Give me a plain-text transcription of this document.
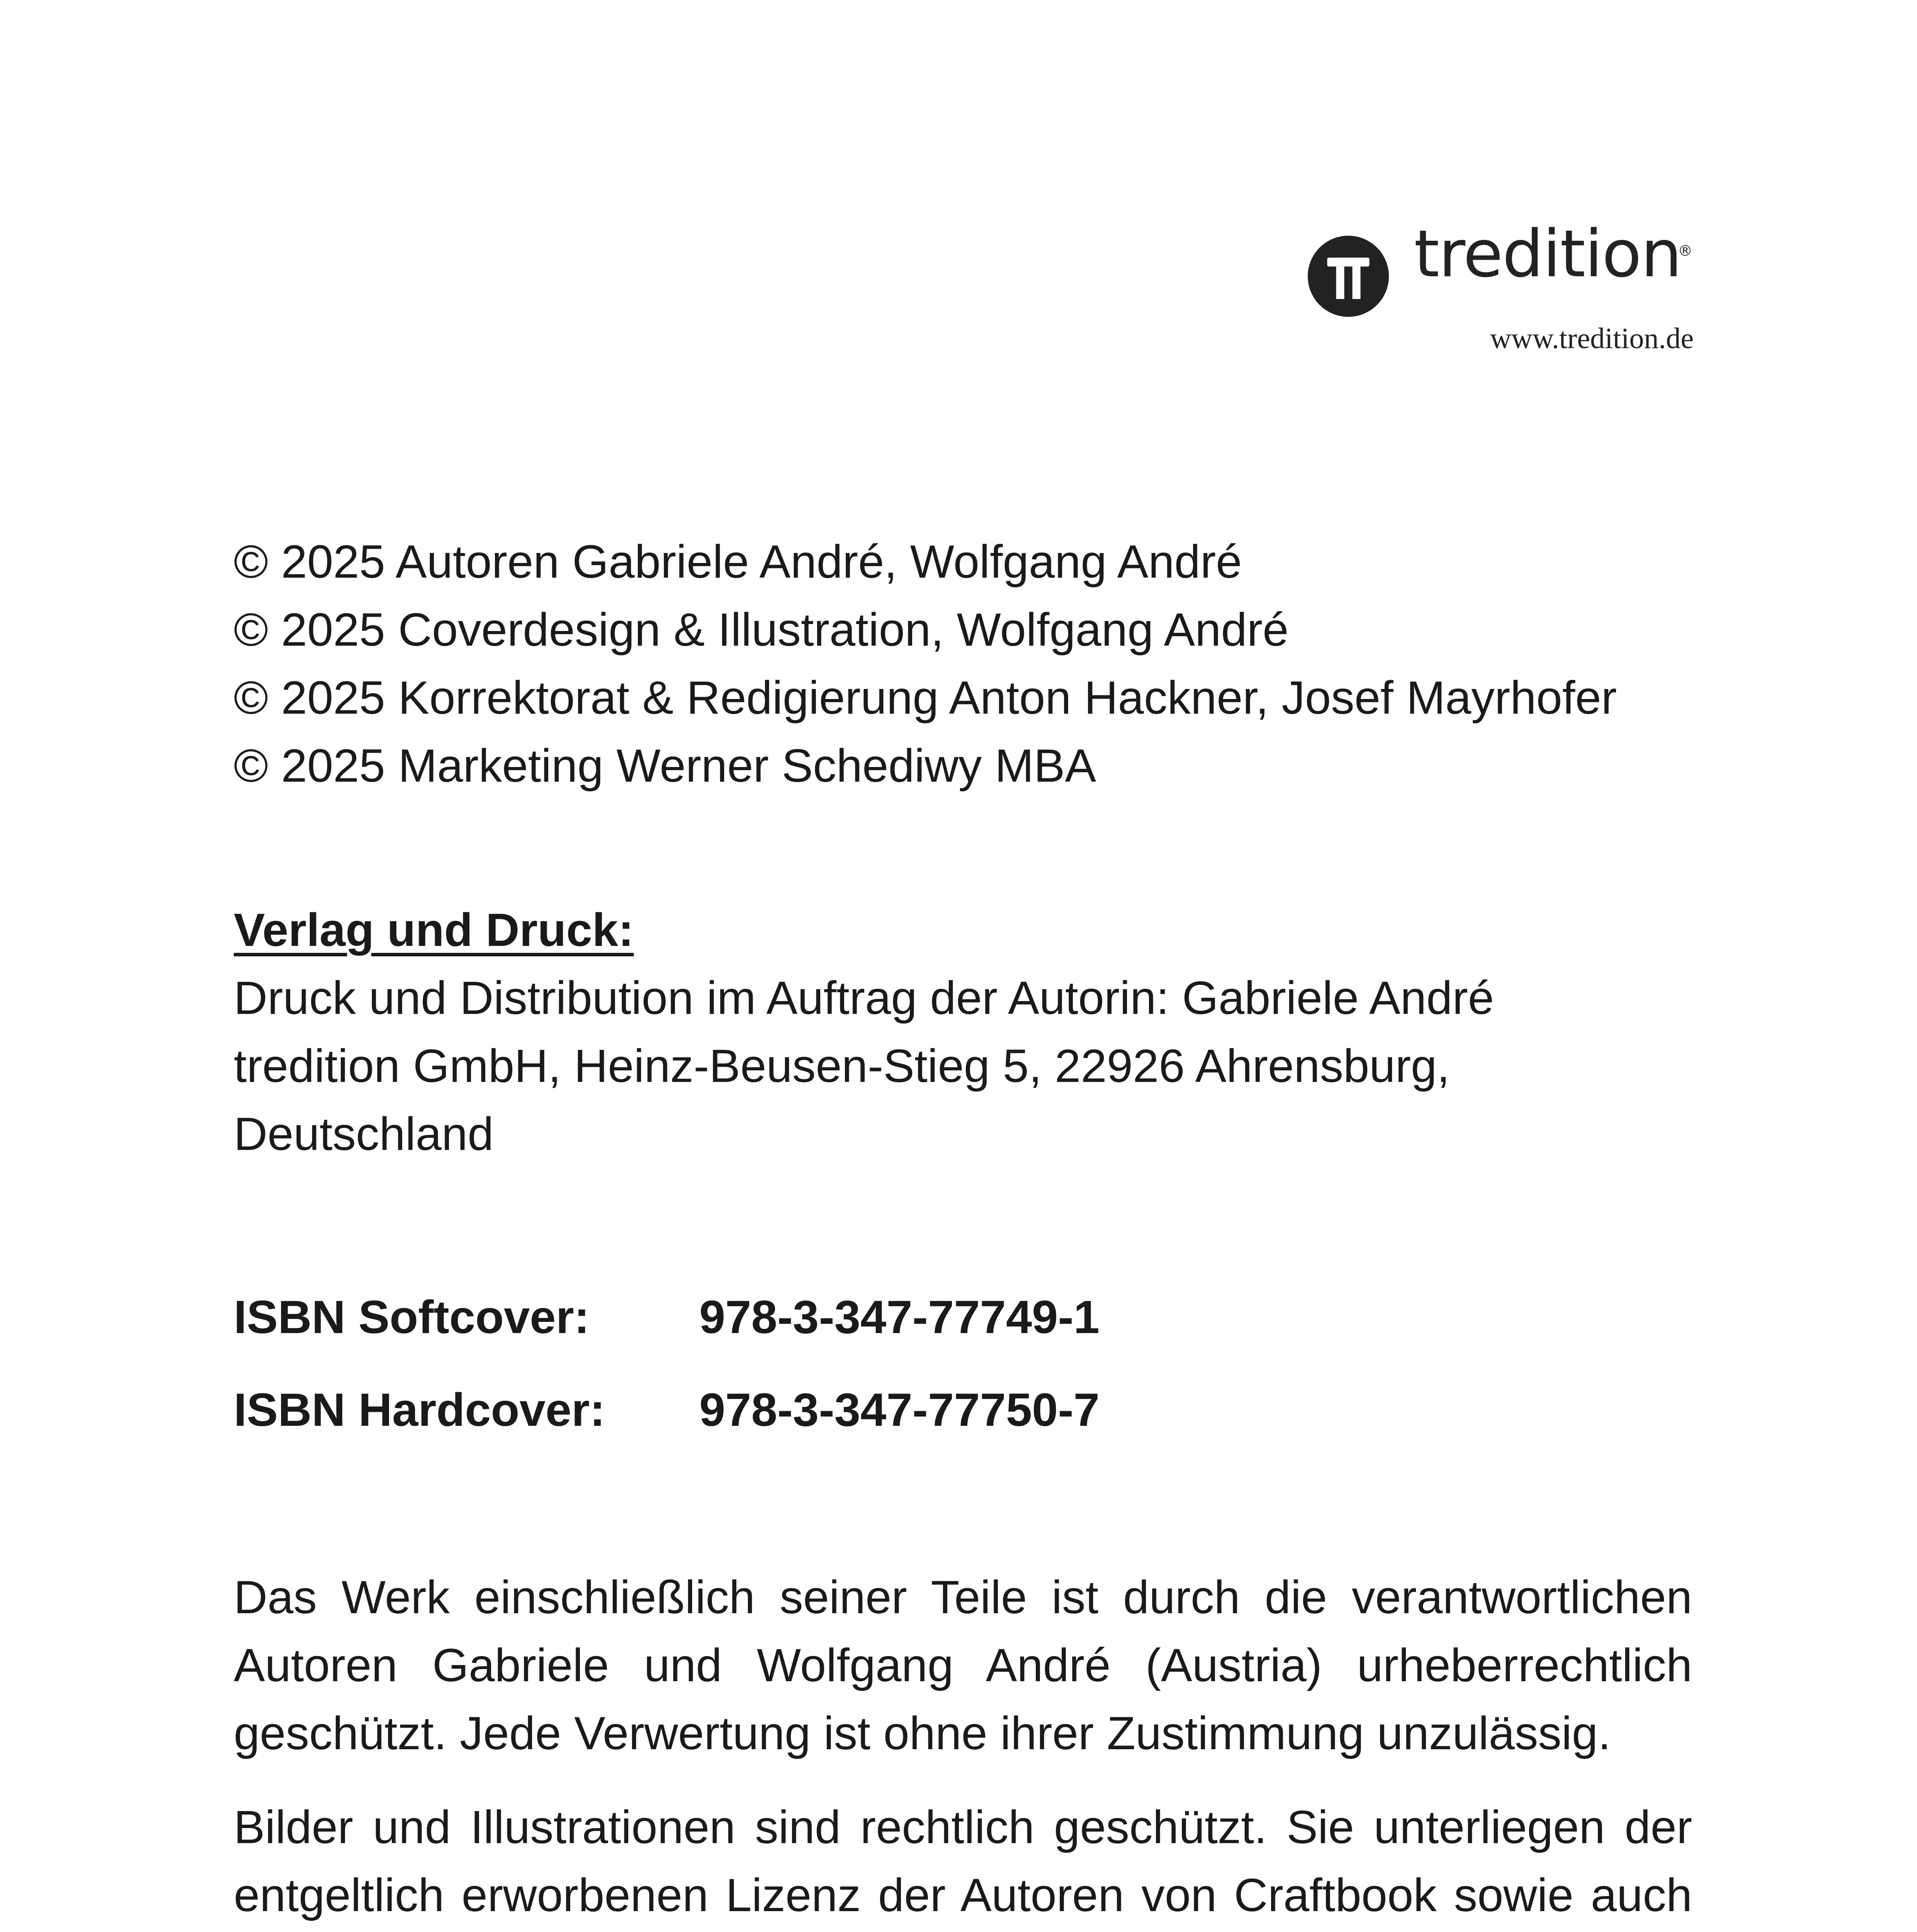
tredition
®
www.tredition.de
© 2025 Autoren Gabriele André, Wolfgang André
© 2025 Coverdesign & Illustration, Wolfgang André
© 2025 Korrektorat & Redigierung Anton Hackner, Josef Mayrhofer
© 2025 Marketing Werner Schediwy MBA
Verlag und Druck:
Druck und Distribution im Auftrag der Autorin: Gabriele André
tredition GmbH, Heinz-Beusen-Stieg 5, 22926 Ahrensburg,
Deutschland
ISBN Softcover: 978-3-347-77749-1
ISBN Hardcover: 978-3-347-77750-7

Das Werk einschließlich seiner Teile ist durch die verantwortlichen Autoren Gabriele und Wolfgang André (Austria) urheberrechtlich geschützt. Jede Verwertung ist ohne ihrer Zustimmung unzulässig.

Bilder und Illustrationen sind rechtlich geschützt. Sie unterliegen der entgeltlich erworbenen Lizenz der Autoren von Craftbook sowie auch
